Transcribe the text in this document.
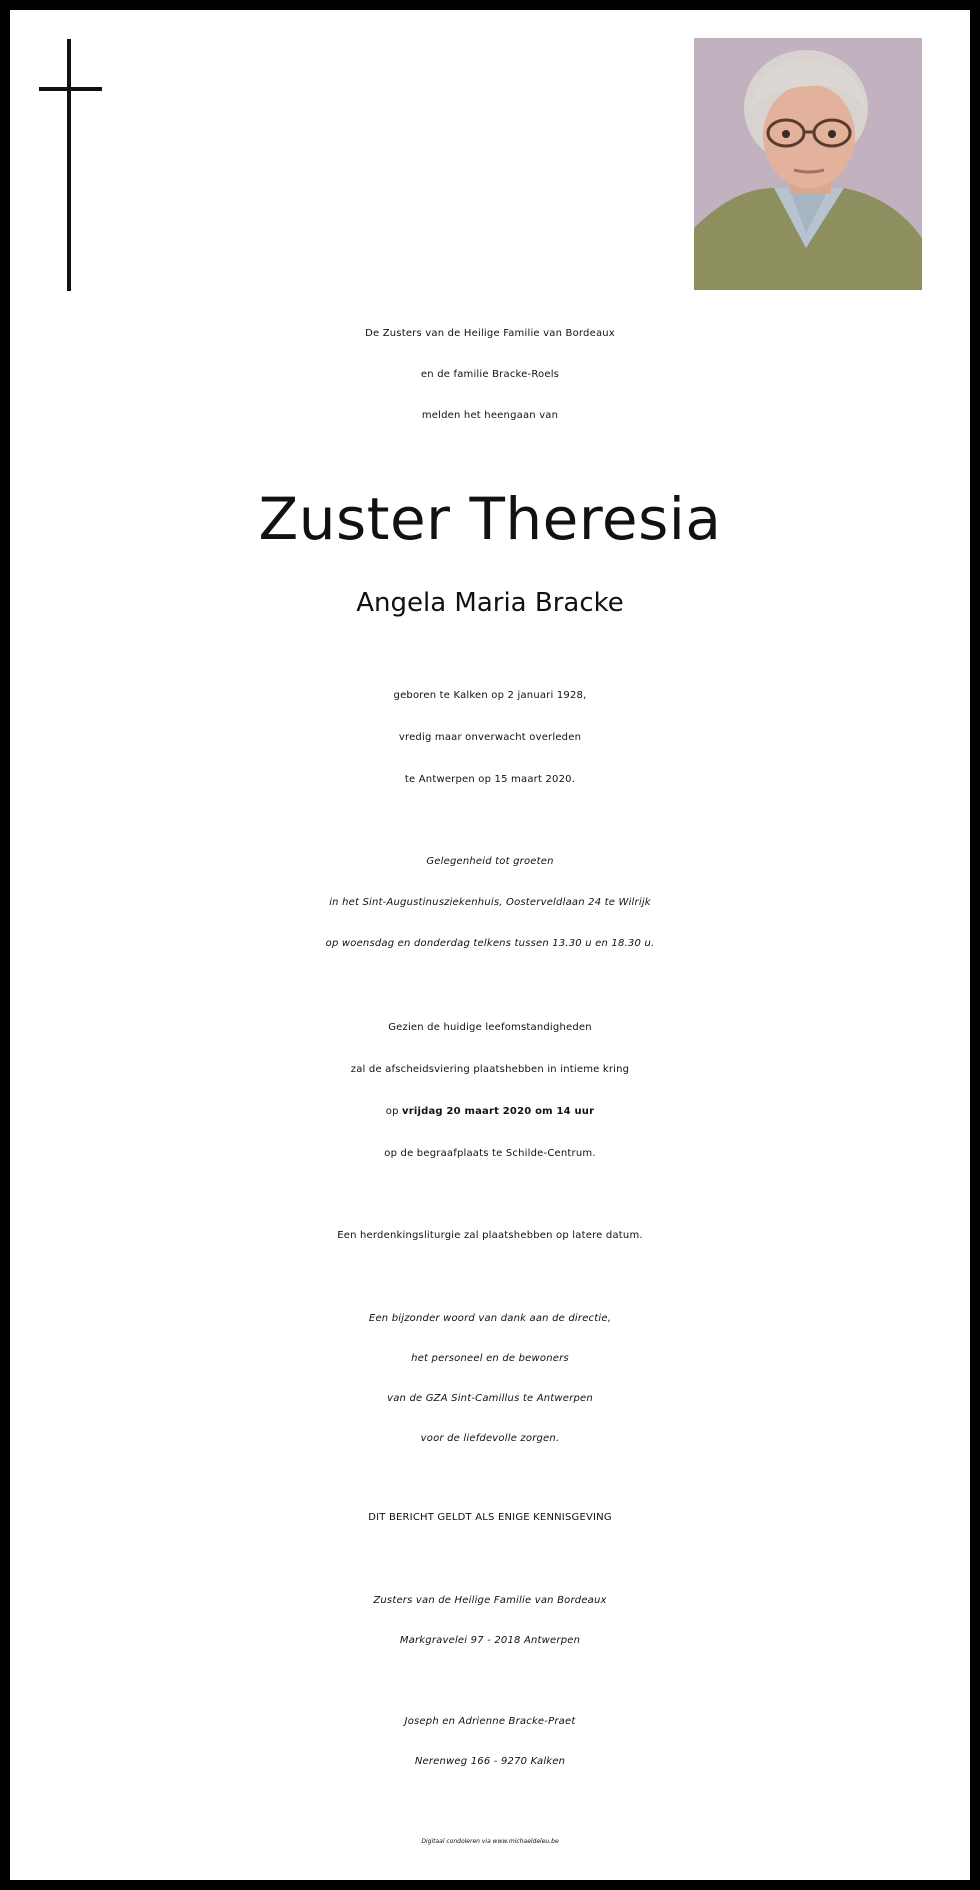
De Zusters van de Heilige Familie van Bordeaux
en de familie Bracke-Roels
melden het heengaan van
Zuster Theresia
Angela Maria Bracke
geboren te Kalken op 2 januari 1928,
vredig maar onverwacht overleden
te Antwerpen op 15 maart 2020.
Gelegenheid tot groeten
in het Sint-Augustinusziekenhuis, Oosterveldlaan 24 te Wilrijk
op woensdag en donderdag telkens tussen 13.30 u en 18.30 u.
Gezien de huidige leefomstandigheden
zal de afscheidsviering plaatshebben in intieme kring
op vrijdag 20 maart 2020 om 14 uur
op de begraafplaats te Schilde-Centrum.
Een herdenkingsliturgie zal plaatshebben op latere datum.
Een bijzonder woord van dank aan de directie,
het personeel en de bewoners
van de GZA Sint-Camillus te Antwerpen
voor de liefdevolle zorgen.
DIT BERICHT GELDT ALS ENIGE KENNISGEVING
Zusters van de Heilige Familie van Bordeaux
Markgravelei 97 - 2018 Antwerpen
Joseph en Adrienne Bracke-Praet
Nerenweg 166 - 9270 Kalken
Digitaal condoleren via www.michaeldeleu.be
